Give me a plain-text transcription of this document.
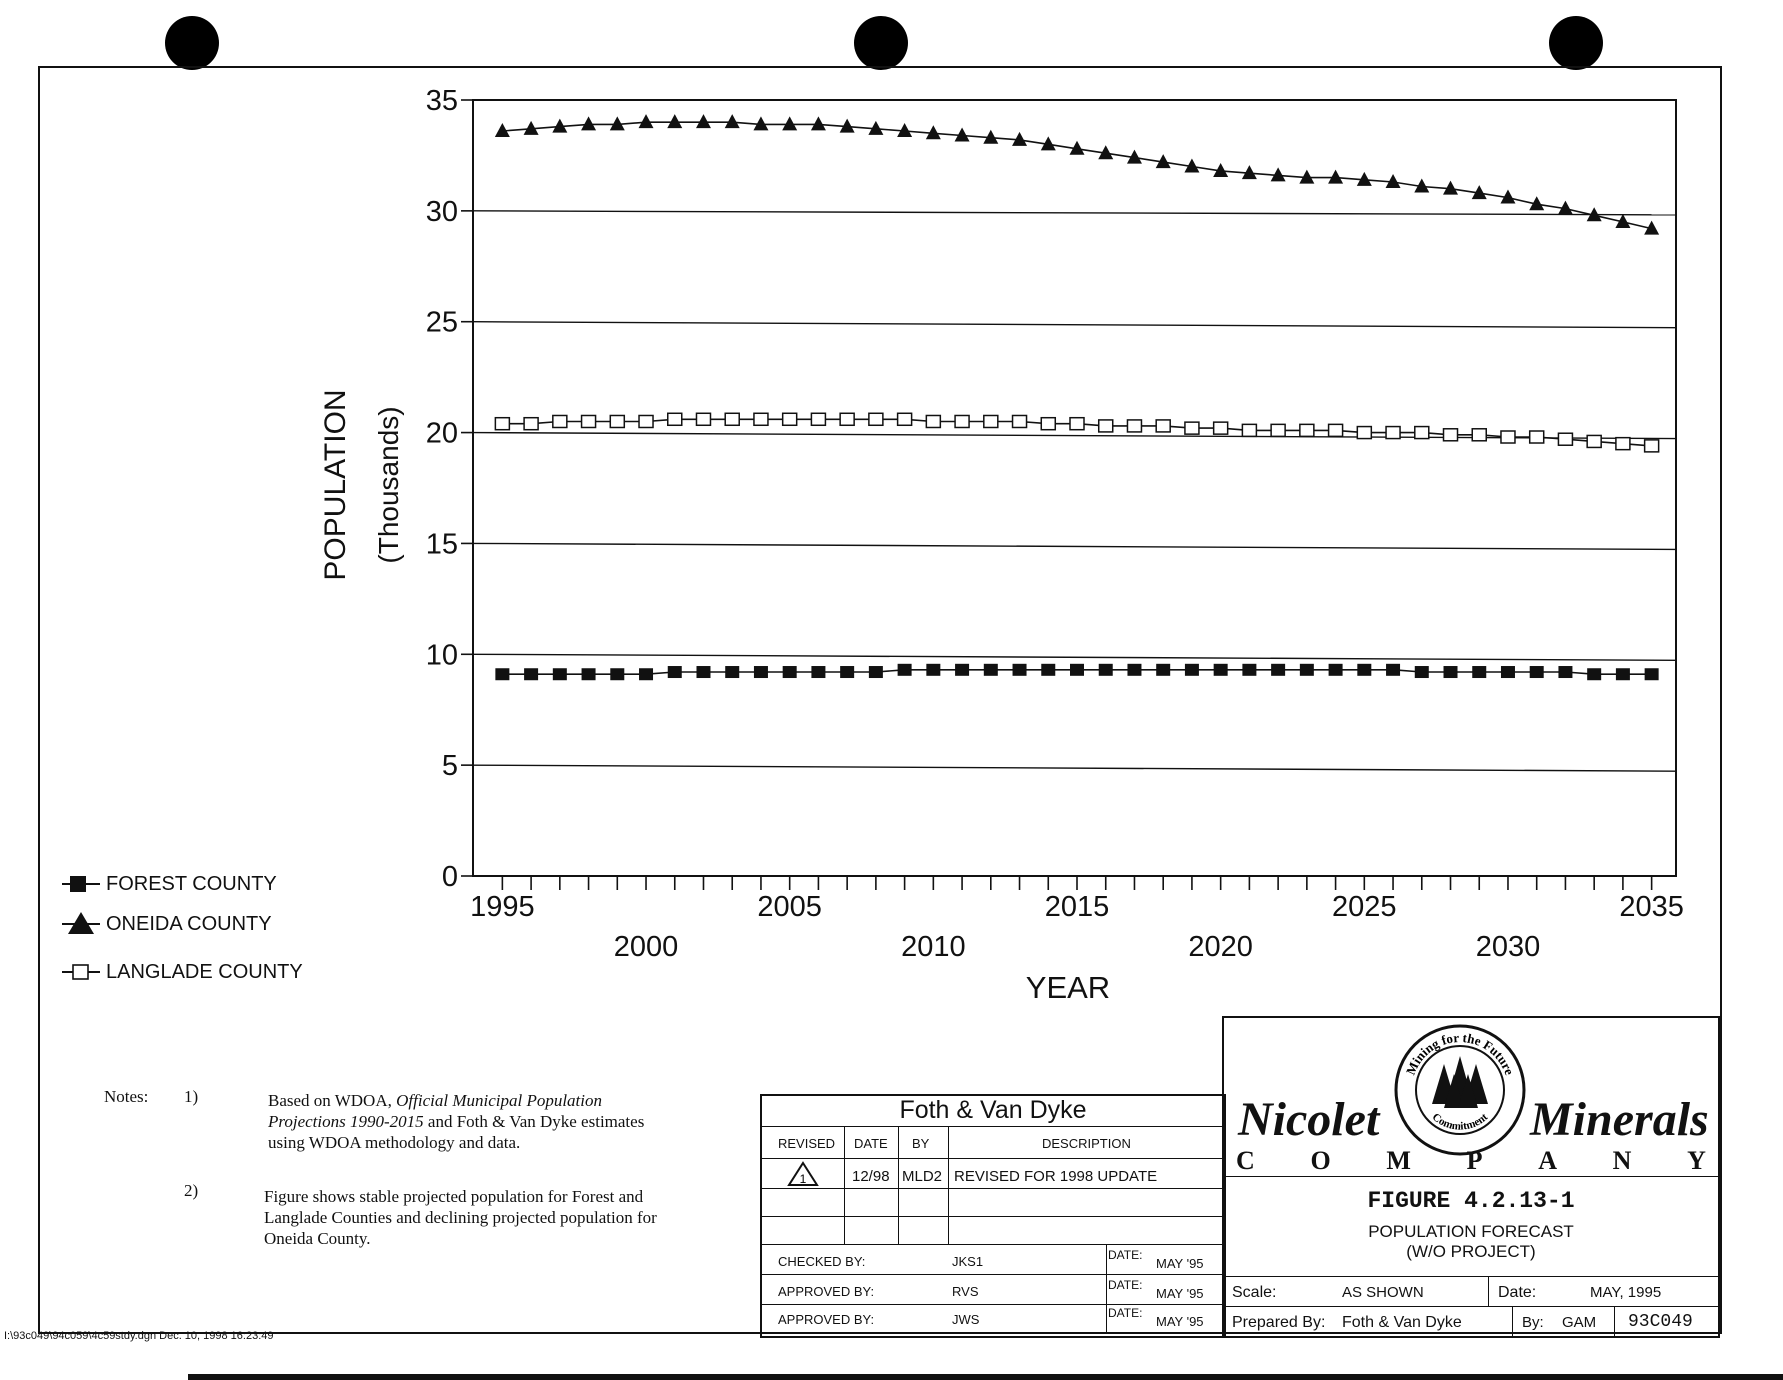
0
5
10
15
20
25
30
35
1995	2005	2015	2025	2035
2000	2010	2020	2030
YEAR
POPULATION (Thousands)
FOREST COUNTY
ONEIDA COUNTY
LANGLADE COUNTY
Notes: 1)	Based on WDOA, Official Municipal Population Projections 1990-2015 and Foth & Van Dyke estimates using WDOA methodology and data.
2)	Figure shows stable projected population for Forest and Langlade Counties and declining projected population for Oneida County.
Foth & Van Dyke
REVISED DATE BY	DESCRIPTION
1	12/98 MLD2 REVISED FOR 1998 UPDATE
CHECKED BY:	JKS1	DATE:
MAY '95
APPROVED BY:	RVS	DATE:
MAY '95
APPROVED BY:	JWS	DATE:
MAY '95
Mining for the Future
Commitment
Nicolet	Minerals
C O M P A N Y
FIGURE 4.2.13-1
POPULATION FORECAST
(W/O PROJECT)
Scale:	AS SHOWN	Date:	MAY, 1995
Prepared By: Foth & Van Dyke	By: GAM 93C049
I:\93c049\94c059\4c59stdy.dgn Dec. 10, 1998 16:23:49
